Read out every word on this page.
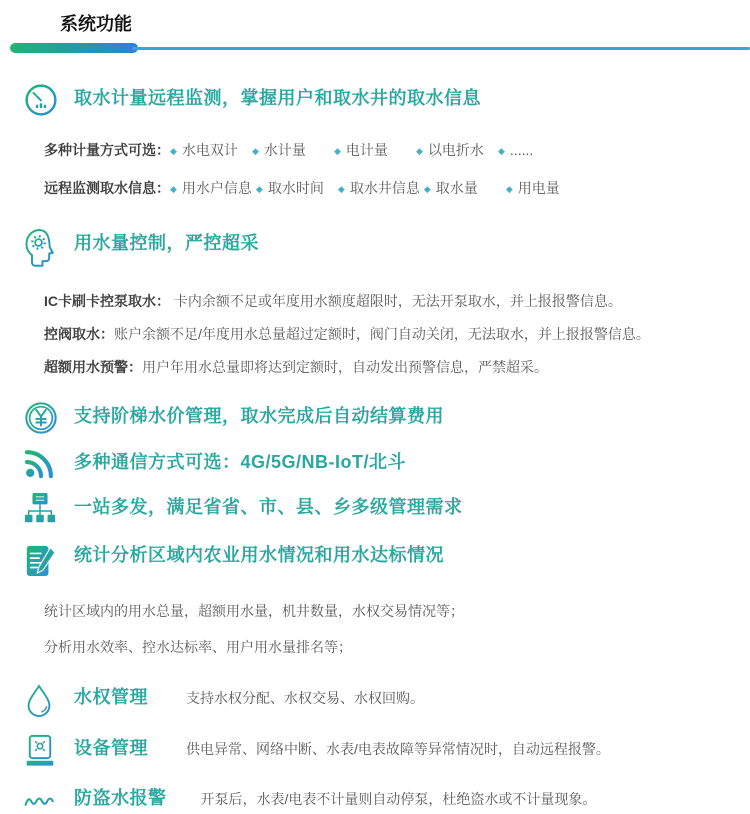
系统功能
取水计量远程监测，掌握用户和取水井的取水信息
多种计量方式可选： ◆ 水电双计	◆ 水计量	◆ 电计量	◆ 以电折水	◆ ......
远程监测取水信息： ◆ 用水户信息 ◆ 取水时间	◆ 取水井信息 ◆ 取水量	◆ 用电量
用水量控制，严控超采
IC卡刷卡控泵取水： 卡内余额不足或年度用水额度超限时，无法开泵取水，并上报报警信息。
控阀取水：账户余额不足/年度用水总量超过定额时，阀门自动关闭，无法取水，并上报报警信息。
超额用水预警：用户年用水总量即将达到定额时，自动发出预警信息，严禁超采。
支持阶梯水价管理，取水完成后自动结算费用
多种通信方式可选：4G/5G/NB-IoT/北斗
一站多发，满足省省、市、县、乡多级管理需求
统计分析区域内农业用水情况和用水达标情况
统计区域内的用水总量，超额用水量，机井数量，水权交易情况等；
分析用水效率、控水达标率、用户用水量排名等；
水权管理	支持水权分配、水权交易、水权回购。
设备管理	供电异常、网络中断、水表/电表故障等异常情况时，自动远程报警。
防盗水报警 开泵后，水表/电表不计量则自动停泵，杜绝盗水或不计量现象。
